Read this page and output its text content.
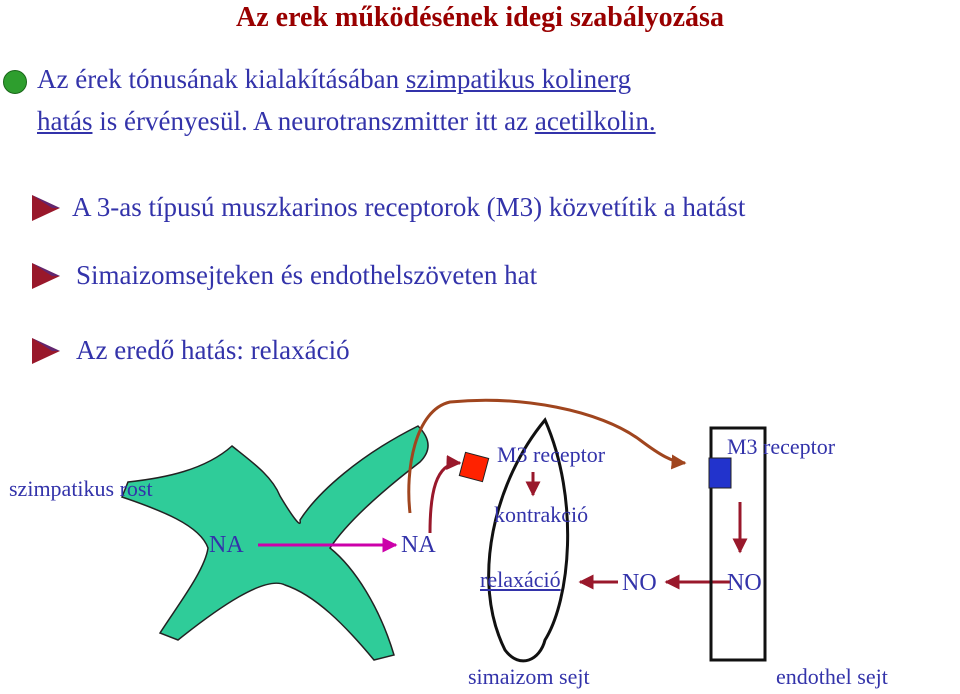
Az erek működésének idegi szabályozása
Az érek tónusának kialakításában szimpatikus kolinerg
hatás is érvényesül. A neurotranszmitter itt az acetilkolin.
A 3-as típusú muszkarinos receptorok (M3) közvetítik a hatást
Simaizomsejteken és endothelszöveten hat
Az eredő hatás: relaxáció
szimpatikus rost
NA	NA
M3 receptor
kontrakció
relaxáció	NO
M3 receptor
NO
simaizom sejt	endothel sejt
